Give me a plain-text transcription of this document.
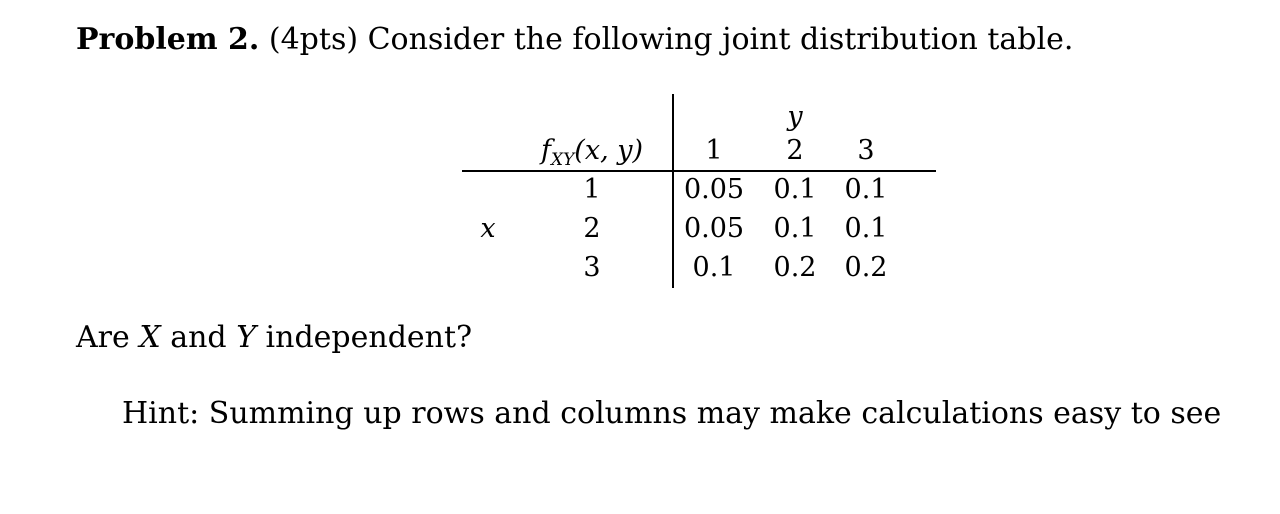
Problem 2. (4pts) Consider the following joint distribution table.
y
$f_{XY}(x$, y) 1 2 3
x
1
2
3
0.05 0.1 0.1
0.05 0.1 0.1
0.1 0.2 0.2
Are X and Y independent?
Hint: Summing up rows and columns may make calculations easy to see
